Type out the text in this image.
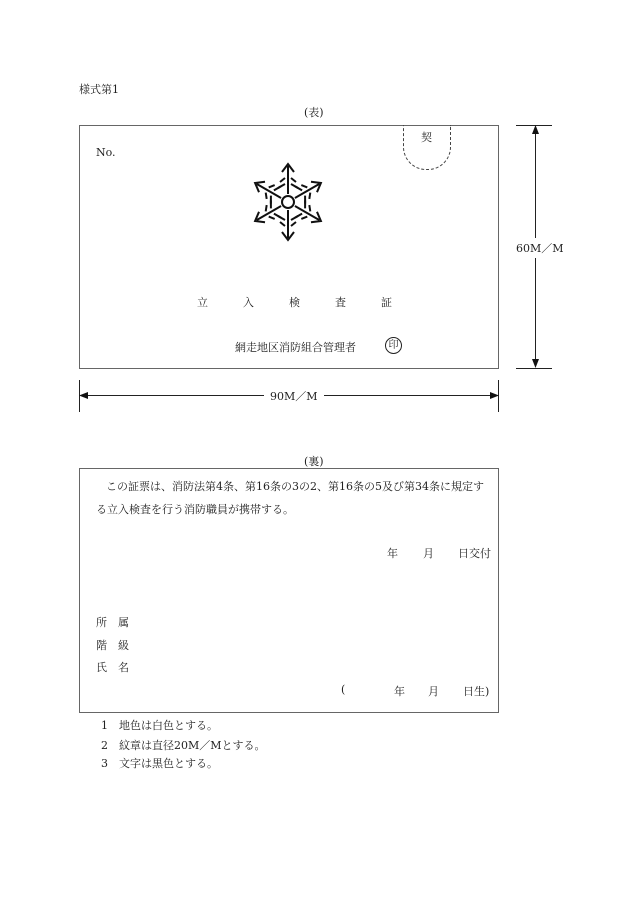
様式第1
(表)
No.
契
立	入	検	査	証
網走地区消防組合管理者	印
60M／M
90M／M
(裏)
この証票は、消防法第4条、第16条の3の2、第16条の5及び第34条に規定す
る立入検査を行う消防職員が携帯する。
年 月 日交付
所　属
階　級
氏　名
(	年 月 日生)
1　 地色は白色とする。
2　 紋章は直径20M／Mとする。
3　 文字は黒色とする。
